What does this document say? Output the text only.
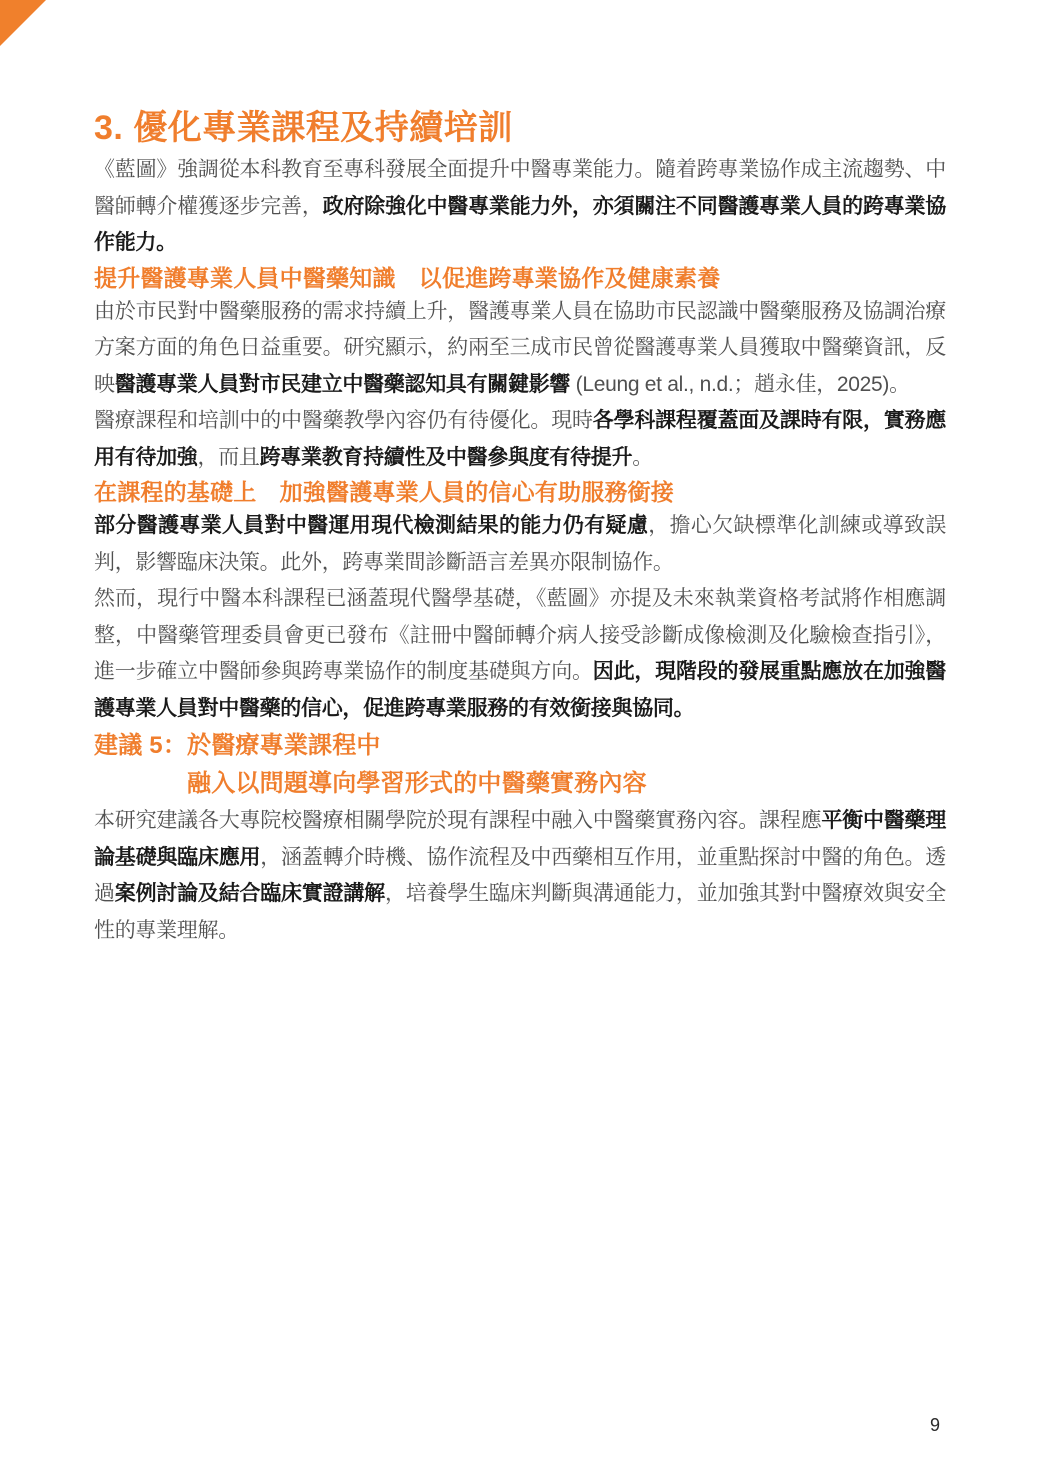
3. 優化專業課程及持續培訓

《藍圖》強調從本科教育至專科發展全面提升中醫專業能力。隨着跨專業協作成主流趨勢、中醫師轉介權獲逐步完善，政府除強化中醫專業能力外，亦須關注不同醫護專業人員的跨專業協作能力。

提升醫護專業人員中醫藥知識　以促進跨專業協作及健康素養

由於市民對中醫藥服務的需求持續上升，醫護專業人員在協助市民認識中醫藥服務及協調治療方案方面的角色日益重要。研究顯示，約兩至三成市民曾從醫護專業人員獲取中醫藥資訊，反映醫護專業人員對市民建立中醫藥認知具有關鍵影響 (Leung et al., n.d.；趙永佳，2025)。

醫療課程和培訓中的中醫藥教學內容仍有待優化。現時各學科課程覆蓋面及課時有限，實務應用有待加強，而且跨專業教育持續性及中醫參與度有待提升。

在課程的基礎上　加強醫護專業人員的信心有助服務銜接

部分醫護專業人員對中醫運用現代檢測結果的能力仍有疑慮，擔心欠缺標準化訓練或導致誤判，影響臨床決策。此外，跨專業間診斷語言差異亦限制協作。

然而，現行中醫本科課程已涵蓋現代醫學基礎，《藍圖》亦提及未來執業資格考試將作相應調整，中醫藥管理委員會更已發布《註冊中醫師轉介病人接受診斷成像檢測及化驗檢查指引》，進一步確立中醫師參與跨專業協作的制度基礎與方向。因此，現階段的發展重點應放在加強醫護專業人員對中醫藥的信心，促進跨專業服務的有效銜接與協同。

建議 5： 於醫療專業課程中
融入以問題導向學習形式的中醫藥實務內容

本研究建議各大專院校醫療相關學院於現有課程中融入中醫藥實務內容。課程應平衡中醫藥理論基礎與臨床應用，涵蓋轉介時機、協作流程及中西藥相互作用，並重點探討中醫的角色。透過案例討論及結合臨床實證講解，培養學生臨床判斷與溝通能力，並加強其對中醫療效與安全性的專業理解。

9
